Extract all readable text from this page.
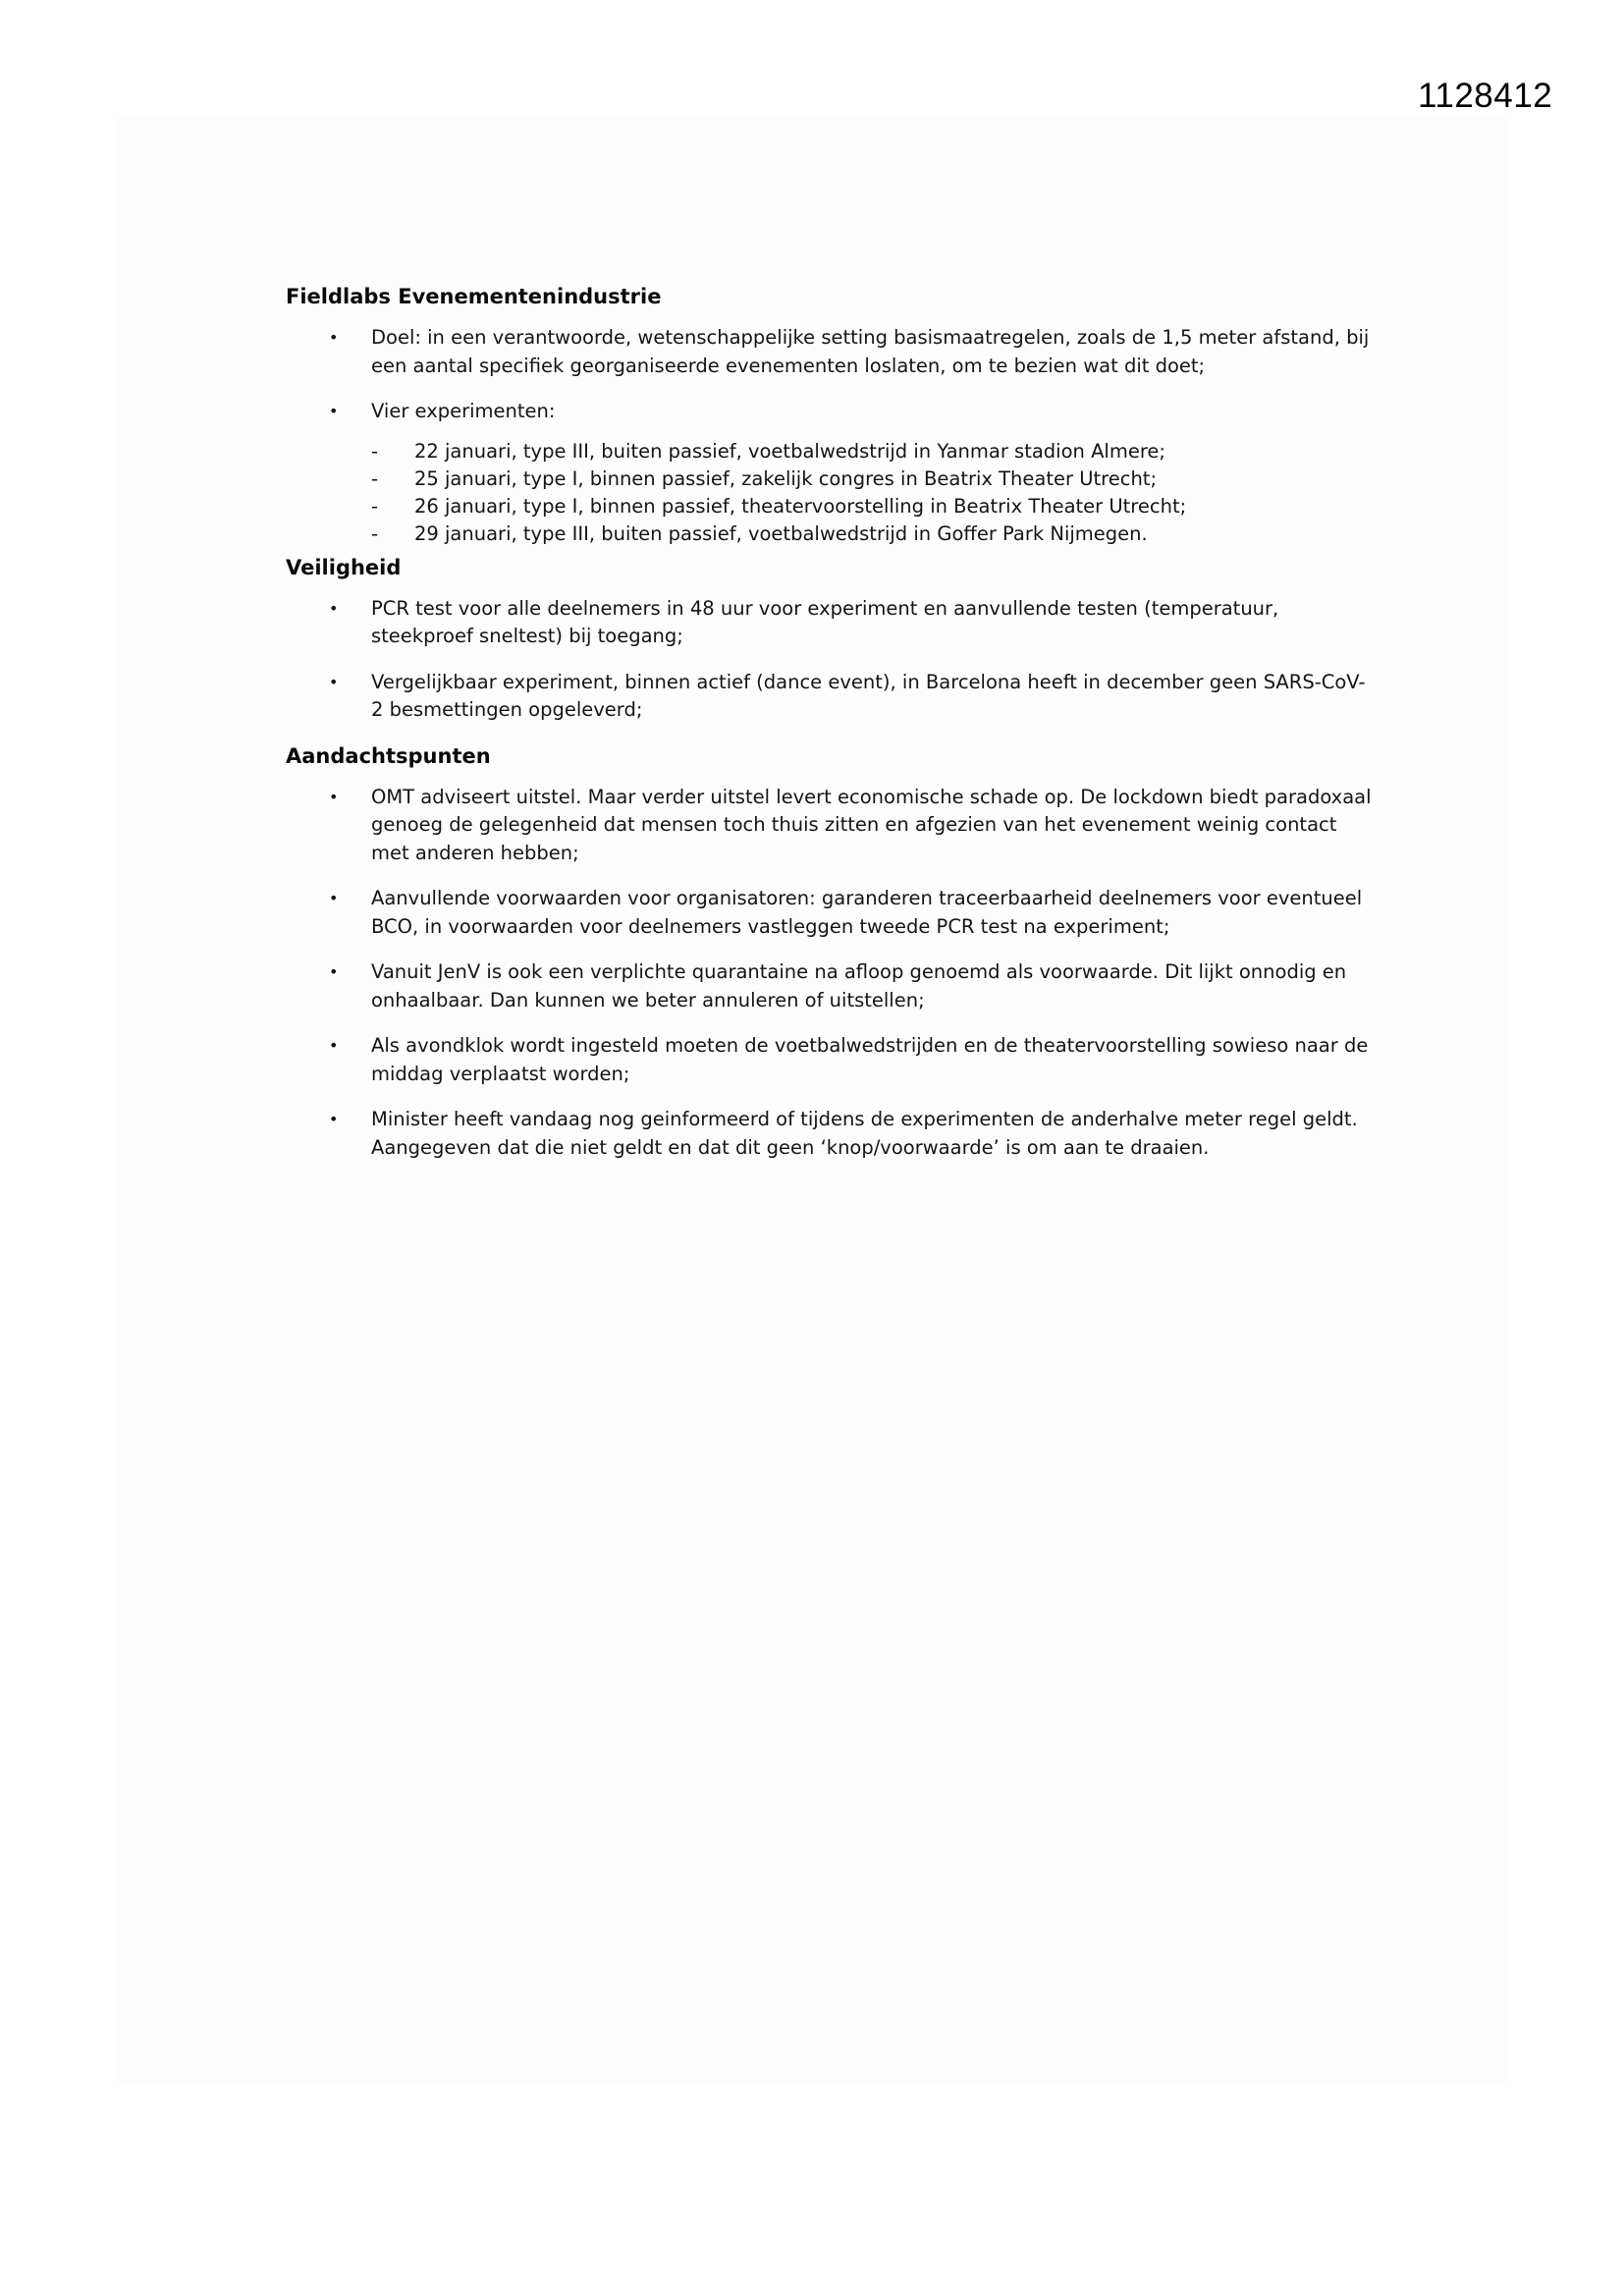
1128412
Fieldlabs Evenementenindustrie
• Doel: in een verantwoorde, wetenschappelijke setting basismaatregelen, zoals de 1,5 meter afstand, bij een aantal specifiek georganiseerde evenementen loslaten, om te bezien wat dit doet;
• Vier experimenten:
- 22 januari, type III, buiten passief, voetbalwedstrijd in Yanmar stadion Almere;
- 25 januari, type I, binnen passief, zakelijk congres in Beatrix Theater Utrecht;
- 26 januari, type I, binnen passief, theatervoorstelling in Beatrix Theater Utrecht;
- 29 januari, type III, buiten passief, voetbalwedstrijd in Goffer Park Nijmegen.
Veiligheid
• PCR test voor alle deelnemers in 48 uur voor experiment en aanvullende testen (temperatuur, steekproef sneltest) bij toegang;
• Vergelijkbaar experiment, binnen actief (dance event), in Barcelona heeft in december geen SARS-CoV-2 besmettingen opgeleverd;
Aandachtspunten
• OMT adviseert uitstel. Maar verder uitstel levert economische schade op. De lockdown biedt paradoxaal genoeg de gelegenheid dat mensen toch thuis zitten en afgezien van het evenement weinig contact met anderen hebben;
• Aanvullende voorwaarden voor organisatoren: garanderen traceerbaarheid deelnemers voor eventueel BCO, in voorwaarden voor deelnemers vastleggen tweede PCR test na experiment;
• Vanuit JenV is ook een verplichte quarantaine na afloop genoemd als voorwaarde. Dit lijkt onnodig en onhaalbaar. Dan kunnen we beter annuleren of uitstellen;
• Als avondklok wordt ingesteld moeten de voetbalwedstrijden en de theatervoorstelling sowieso naar de middag verplaatst worden;
• Minister heeft vandaag nog geinformeerd of tijdens de experimenten de anderhalve meter regel geldt. Aangegeven dat die niet geldt en dat dit geen ‘knop/voorwaarde’ is om aan te draaien.
